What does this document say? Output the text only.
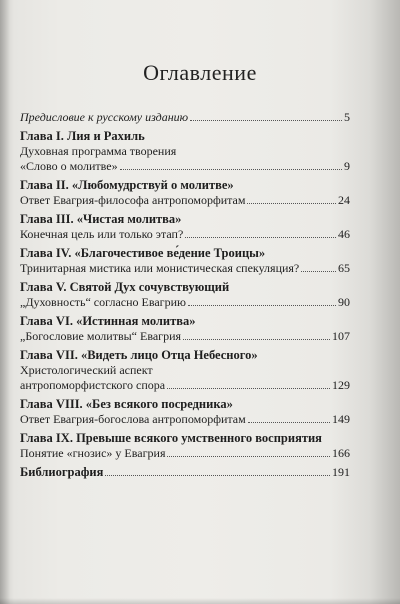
Оглавление
Предисловие к русскому изданию	5
Глава I. Лия и Рахиль
Духовная программа творения
«Слово о молитве»	9
Глава II. «Любомудрствуй о молитве»
Ответ Евагрия-философа антропоморфитам	24
Глава III. «Чистая молитва»
Конечная цель или только этап?	46
Глава IV. «Благочестивое ве́дение Троицы»
Тринитарная мистика или монистическая спекуляция?	65
Глава V. Святой Дух сочувствующий
„Духовность“ согласно Евагрию	90
Глава VI. «Истинная молитва»
„Богословие молитвы“ Евагрия	107
Глава VII. «Видеть лицо Отца Небесного»
Христологический аспект
антропоморфистского спора	129
Глава VIII. «Без всякого посредника»
Ответ Евагрия-богослова антропоморфитам	149
Глава IX. Превыше всякого умственного восприятия
Понятие «гнозис» у Евагрия	166
Библиография	191
